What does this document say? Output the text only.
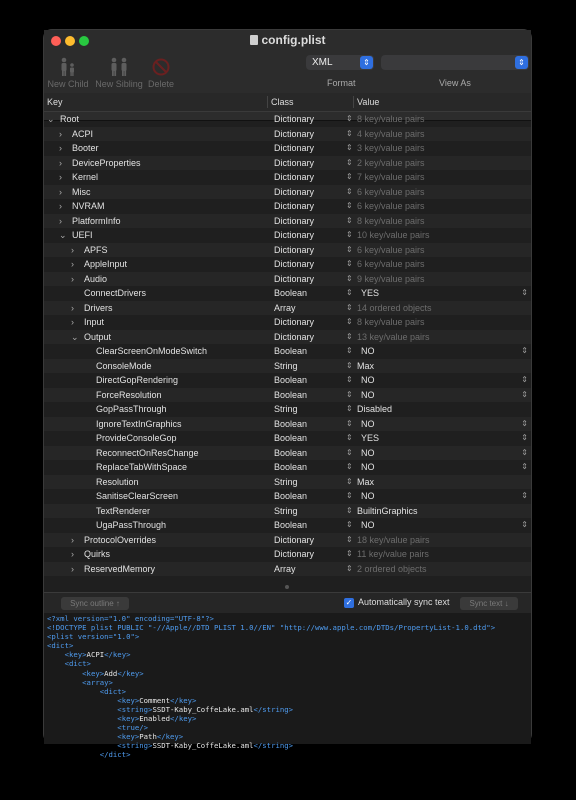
config.plist
New Child New Sibling Delete
XML	⇕	⇕
Format	View As
Key	Class	Value
⌄ Root	Dictionary	⇕ 8 key/value pairs
› ACPI	Dictionary	⇕ 4 key/value pairs
› Booter	Dictionary	⇕ 3 key/value pairs
› DeviceProperties	Dictionary	⇕ 2 key/value pairs
› Kernel	Dictionary	⇕ 7 key/value pairs
› Misc	Dictionary	⇕ 6 key/value pairs
› NVRAM	Dictionary	⇕ 6 key/value pairs
› PlatformInfo	Dictionary	⇕ 8 key/value pairs
⌄ UEFI	Dictionary	⇕ 10 key/value pairs
› APFS	Dictionary	⇕ 6 key/value pairs
› AppleInput	Dictionary	⇕ 6 key/value pairs
› Audio	Dictionary	⇕ 9 key/value pairs
ConnectDrivers	Boolean	⇕ YES	⇕
› Drivers	Array	⇕ 14 ordered objects
› Input	Dictionary	⇕ 8 key/value pairs
⌄ Output	Dictionary	⇕ 13 key/value pairs
ClearScreenOnModeSwitch	Boolean	⇕ NO	⇕
ConsoleMode	String	⇕ Max
DirectGopRendering	Boolean	⇕ NO	⇕
ForceResolution	Boolean	⇕ NO	⇕
GopPassThrough	String	⇕ Disabled
IgnoreTextInGraphics	Boolean	⇕ NO	⇕
ProvideConsoleGop	Boolean	⇕ YES	⇕
ReconnectOnResChange	Boolean	⇕ NO	⇕
ReplaceTabWithSpace	Boolean	⇕ NO	⇕
Resolution	String	⇕ Max
SanitiseClearScreen	Boolean	⇕ NO	⇕
TextRenderer	String	⇕ BuiltinGraphics
UgaPassThrough	Boolean	⇕ NO	⇕
› ProtocolOverrides	Dictionary	⇕ 18 key/value pairs
› Quirks	Dictionary	⇕ 11 key/value pairs
› ReservedMemory	Array	⇕ 2 ordered objects
Sync outline ↑	✓ Automatically sync text	Sync text ↓
<?xml version="1.0" encoding="UTF-8"?>
<!DOCTYPE plist PUBLIC "-//Apple//DTD PLIST 1.0//EN" "http://www.apple.com/DTDs/PropertyList-1.0.dtd">
<plist version="1.0">
<dict>
<key>ACPI</key>
<dict>
<key>Add</key>
<array>
<dict>
<key>Comment</key>
<string>SSDT-Kaby_CoffeLake.aml</string>
<key>Enabled</key>
<true/>
<key>Path</key>
<string>SSDT-Kaby_CoffeLake.aml</string>
</dict>
